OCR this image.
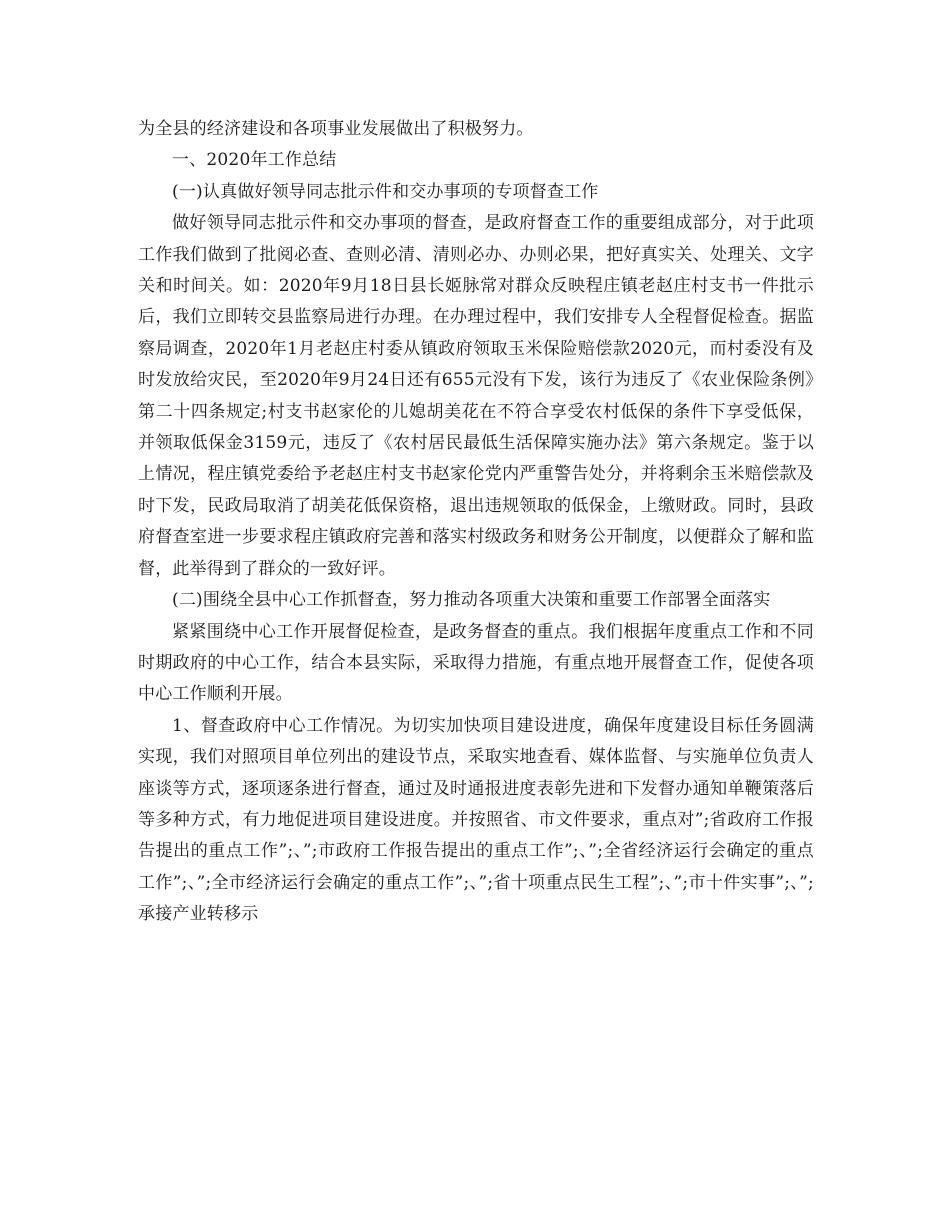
为全县的经济建设和各项事业发展做出了积极努力。

一、2020年工作总结

(一)认真做好领导同志批示件和交办事项的专项督查工作

做好领导同志批示件和交办事项的督查，是政府督查工作的重要组成部分，对于此项工作我们做到了批阅必查、查则必清、清则必办、办则必果，把好真实关、处理关、文字关和时间关。如：2020年9月18日县长姬脉常对群众反映程庄镇老赵庄村支书一件批示后，我们立即转交县监察局进行办理。在办理过程中，我们安排专人全程督促检查。据监察局调查，2020年1月老赵庄村委从镇政府领取玉米保险赔偿款2020元，而村委没有及时发放给灾民，至2020年9月24日还有655元没有下发，该行为违反了《农业保险条例》第二十四条规定;村支书赵家伦的儿媳胡美花在不符合享受农村低保的条件下享受低保，并领取低保金3159元，违反了《农村居民最低生活保障实施办法》第六条规定。鉴于以上情况，程庄镇党委给予老赵庄村支书赵家伦党内严重警告处分，并将剩余玉米赔偿款及时下发，民政局取消了胡美花低保资格，退出违规领取的低保金，上缴财政。同时，县政府督查室进一步要求程庄镇政府完善和落实村级政务和财务公开制度，以便群众了解和监督，此举得到了群众的一致好评。

(二)围绕全县中心工作抓督查，努力推动各项重大决策和重要工作部署全面落实

紧紧围绕中心工作开展督促检查，是政务督查的重点。我们根据年度重点工作和不同时期政府的中心工作，结合本县实际，采取得力措施，有重点地开展督查工作，促使各项中心工作顺利开展。

1、督查政府中心工作情况。为切实加快项目建设进度，确保年度建设目标任务圆满实现，我们对照项目单位列出的建设节点，采取实地查看、媒体监督、与实施单位负责人座谈等方式，逐项逐条进行督查，通过及时通报进度表彰先进和下发督办通知单鞭策落后等多种方式，有力地促进项目建设进度。并按照省、市文件要求，重点对”;省政府工作报告提出的重点工作”;、”;市政府工作报告提出的重点工作”;、”;全省经济运行会确定的重点工作”;、”;全市经济运行会确定的重点工作”;、”;省十项重点民生工程”;、”;市十件实事”;、”;承接产业转移示
